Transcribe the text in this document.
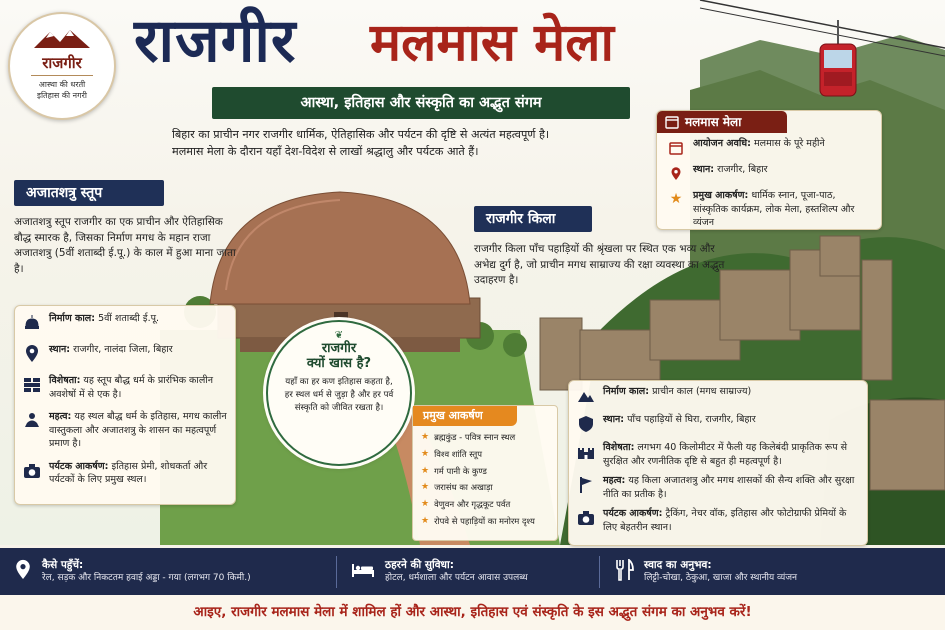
राजगीर
आस्था की धरती
इतिहास की नगरी
राजगीर मलमास मेला
आस्था, इतिहास और संस्कृति का अद्भुत संगम
बिहार का प्राचीन नगर राजगीर धार्मिक, ऐतिहासिक और पर्यटन की दृष्टि से अत्यंत महत्वपूर्ण है। मलमास मेला के दौरान यहाँ देश-विदेश से लाखों श्रद्धालु और पर्यटक आते हैं।
अजातशत्रु स्तूप
अजातशत्रु स्तूप राजगीर का एक प्राचीन और ऐतिहासिक बौद्ध स्मारक है, जिसका निर्माण मगध के महान राजा अजातशत्रु (5वीं शताब्दी ई.पू.) के काल में हुआ माना जाता है।
निर्माण काल: 5वीं शताब्दी ई.पू.
स्थान: राजगीर, नालंदा जिला, बिहार
विशेषता: यह स्तूप बौद्ध धर्म के प्रारंभिक कालीन अवशेषों में से एक है।
महत्व: यह स्थल बौद्ध धर्म के इतिहास, मगध कालीन वास्तुकला और अजातशत्रु के शासन का महत्वपूर्ण प्रमाण है।
पर्यटक आकर्षण: इतिहास प्रेमी, शोधकर्ता और पर्यटकों के लिए प्रमुख स्थल।
मलमास मेला
आयोजन अवधि: मलमास के पूरे महीने
स्थान: राजगीर, बिहार
★ प्रमुख आकर्षण: धार्मिक स्नान, पूजा-पाठ, सांस्कृतिक कार्यक्रम, लोक मेला, हस्तशिल्प और व्यंजन
राजगीर किला
राजगीर किला पाँच पहाड़ियों की श्रृंखला पर स्थित एक भव्य और अभेद्य दुर्ग है, जो प्राचीन मगध साम्राज्य की रक्षा व्यवस्था का अद्भुत उदाहरण है।
निर्माण काल: प्राचीन काल (मगध साम्राज्य)
स्थान: पाँच पहाड़ियों से घिरा, राजगीर, बिहार
विशेषता: लगभग 40 किलोमीटर में फैली यह किलेबंदी प्राकृतिक रूप से सुरक्षित और रणनीतिक दृष्टि से बहुत ही महत्वपूर्ण है।
महत्व: यह किला अजातशत्रु और मगध शासकों की सैन्य शक्ति और सुरक्षा नीति का प्रतीक है।
पर्यटक आकर्षण: ट्रैकिंग, नेचर वॉक, इतिहास और फोटोग्राफी प्रेमियों के लिए बेहतरीन स्थान।
❦
राजगीर
क्यों खास है?
यहाँ का हर कण इतिहास कहता है, हर स्थल धर्म से जुड़ा है और हर पर्व संस्कृति को जीवित रखता है।
प्रमुख आकर्षण
★ ब्रह्मकुंड - पवित्र स्नान स्थल
★ विश्व शांति स्तूप
★ गर्म पानी के कुण्ड
★ जरासंध का अखाड़ा
★ वेणुवन और गृद्धकूट पर्वत
★ रोपवे से पहाड़ियों का मनोरम दृश्य
कैसे पहुँचें:
रेल, सड़क और निकटतम हवाई अड्डा - गया (लगभग 70 किमी.)
ठहरने की सुविधा:
होटल, धर्मशाला और पर्यटन आवास उपलब्ध
स्वाद का अनुभव:
लिट्टी-चोखा, ठेकुआ, खाजा और स्थानीय व्यंजन
आइए, राजगीर मलमास मेला में शामिल हों और आस्था, इतिहास एवं संस्कृति के इस अद्भुत संगम का अनुभव करें!
